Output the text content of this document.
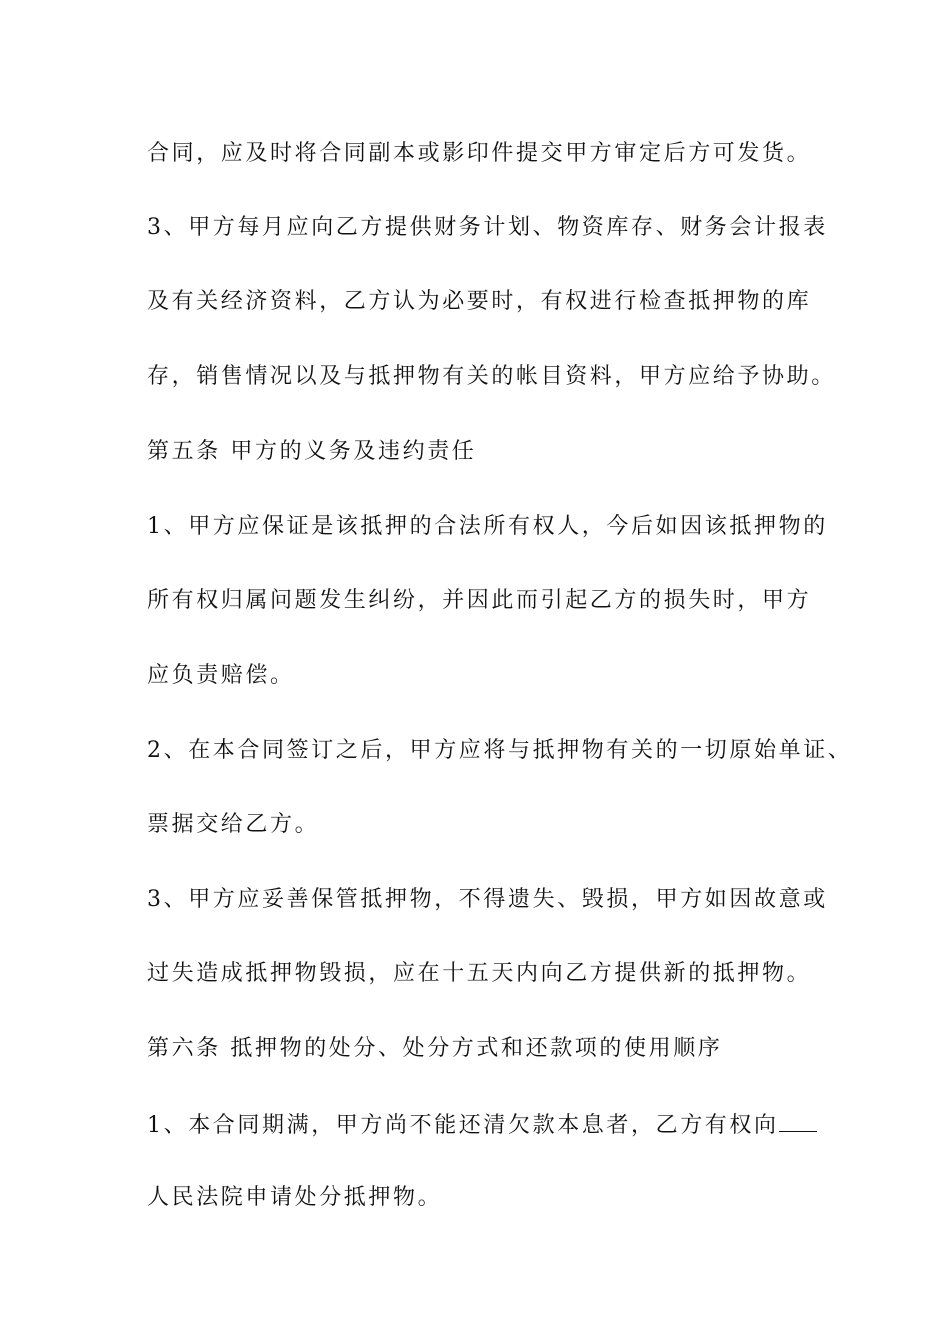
合同，应及时将合同副本或影印件提交甲方审定后方可发货。
3、甲方每月应向乙方提供财务计划、物资库存、财务会计报表
及有关经济资料，乙方认为必要时，有权进行检查抵押物的库
存，销售情况以及与抵押物有关的帐目资料，甲方应给予协助。
第五条 甲方的义务及违约责任
1、甲方应保证是该抵押的合法所有权人，今后如因该抵押物的
所有权归属问题发生纠纷，并因此而引起乙方的损失时，甲方
应负责赔偿。
2、在本合同签订之后，甲方应将与抵押物有关的一切原始单证、
票据交给乙方。
3、甲方应妥善保管抵押物，不得遗失、毁损，甲方如因故意或
过失造成抵押物毁损，应在十五天内向乙方提供新的抵押物。
第六条 抵押物的处分、处分方式和还款项的使用顺序
1、本合同期满，甲方尚不能还清欠款本息者，乙方有权向
人民法院申请处分抵押物。
